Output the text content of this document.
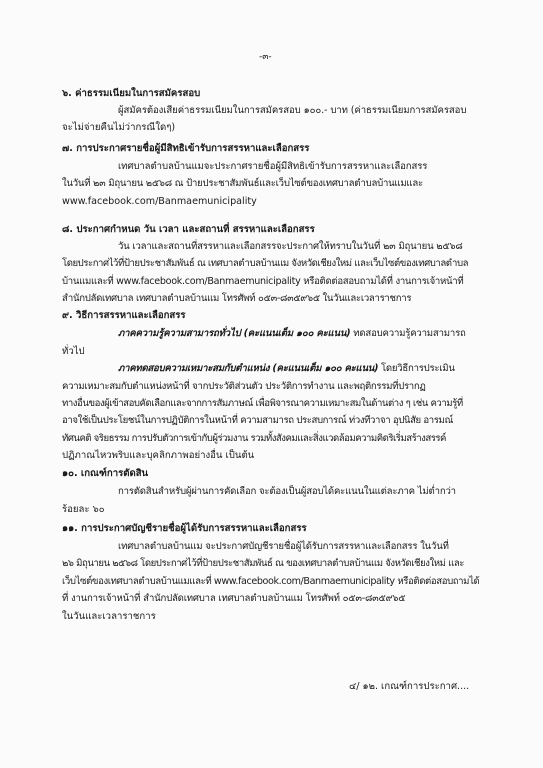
-๓-
๖. ค่าธรรมเนียมในการสมัครสอบ
ผู้สมัครต้องเสียค่าธรรมเนียมในการสมัครสอบ ๑๐๐.- บาท (ค่าธรรมเนียมการสมัครสอบ
จะไม่จ่ายคืนไม่ว่ากรณีใดๆ)
๗. การประกาศรายชื่อผู้มีสิทธิเข้ารับการสรรหาและเลือกสรร
เทศบาลตำบลบ้านแมจะประกาศรายชื่อผู้มีสิทธิเข้ารับการสรรหาและเลือกสรร
ในวันที่ ๒๓ มิถุนายน ๒๕๖๘ ณ ป้ายประชาสัมพันธ์และเว็บไซต์ของเทศบาลตำบลบ้านแมและ
www.facebook.com/Banmaemunicipality
๘. ประกาศกำหนด วัน เวลา และสถานที่ สรรหาและเลือกสรร
วัน เวลาและสถานที่สรรหาและเลือกสรรจะประกาศให้ทราบในวันที่ ๒๓ มิถุนายน ๒๕๖๘
โดยประกาศไว้ที่ป้ายประชาสัมพันธ์ ณ เทศบาลตำบลบ้านแม จังหวัดเชียงใหม่ และเว็บไซต์ของเทศบาลตำบล
บ้านแมและที่ www.facebook.com/Banmaemunicipality หรือติดต่อสอบถามได้ที่ งานการเจ้าหน้าที่
สำนักปลัดเทศบาล เทศบาลตำบลบ้านแม โทรศัพท์ ๐๕๓-๘๓๕๙๖๕ ในวันและเวลาราชการ
๙. วิธีการสรรหาและเลือกสรร
ภาคความรู้ความสามารถทั่วไป (คะแนนเต็ม ๑๐๐ คะแนน) ทดสอบความรู้ความสามารถ
ทั่วไป
ภาคทดสอบความเหมาะสมกับตำแหน่ง (คะแนนเต็ม ๑๐๐ คะแนน) โดยวิธีการประเมิน
ความเหมาะสมกับตำแหน่งหน้าที่ จากประวัติส่วนตัว ประวัติการทำงาน และพฤติกรรมที่ปรากฏ
ทางอื่นของผู้เข้าสอบคัดเลือกและจากการสัมภาษณ์ เพื่อพิจารณาความเหมาะสมในด้านต่าง ๆ เช่น ความรู้ที่
อาจใช้เป็นประโยชน์ในการปฏิบัติการในหน้าที่ ความสามารถ ประสบการณ์ ท่วงทีวาจา อุปนิสัย อารมณ์
ทัศนคติ จริยธรรม การปรับตัวการเข้ากับผู้ร่วมงาน รวมทั้งสังคมและสิ่งแวดล้อมความคิดริเริ่มสร้างสรรค์
ปฏิภาณไหวพริบและบุคลิกภาพอย่างอื่น เป็นต้น
๑๐. เกณฑ์การตัดสิน
การตัดสินสำหรับผู้ผ่านการคัดเลือก จะต้องเป็นผู้สอบได้คะแนนในแต่ละภาค ไม่ต่ำกว่า
ร้อยละ ๖๐
๑๑. การประกาศบัญชีรายชื่อผู้ได้รับการสรรหาและเลือกสรร
เทศบาลตำบลบ้านแม จะประกาศบัญชีรายชื่อผู้ได้รับการสรรหาและเลือกสรร ในวันที่
๒๖ มิถุนายน ๒๕๖๘ โดยประกาศไว้ที่ป้ายประชาสัมพันธ์ ณ ของเทศบาลตำบลบ้านแม จังหวัดเชียงใหม่ และ
เว็บไซต์ของเทศบาลตำบลบ้านแมและที่ www.facebook.com/Banmaemunicipality หรือติดต่อสอบถามได้
ที่ งานการเจ้าหน้าที่ สำนักปลัดเทศบาล เทศบาลตำบลบ้านแม โทรศัพท์ ๐๕๓-๘๓๕๙๖๕
ในวันและเวลาราชการ
๔/ ๑๒. เกณฑ์การประกาศ....
